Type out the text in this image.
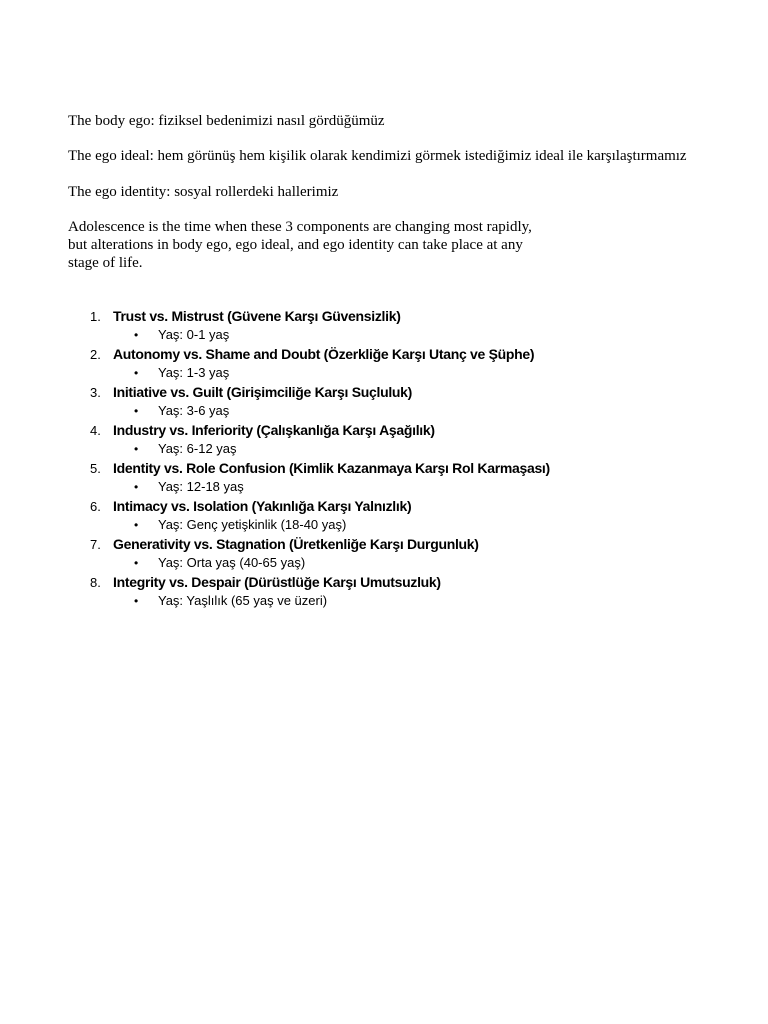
The body ego: fiziksel bedenimizi nasıl gördüğümüz

The ego ideal: hem görünüş hem kişilik olarak kendimizi görmek istediğimiz ideal ile karşılaştırmamız

The ego identity: sosyal rollerdeki hallerimiz

Adolescence is the time when these 3 components are changing most rapidly, but alterations in body ego, ego ideal, and ego identity can take place at any stage of life.

1. Trust vs. Mistrust (Güvene Karşı Güvensizlik)
• Yaş: 0-1 yaş
2. Autonomy vs. Shame and Doubt (Özerkliğe Karşı Utanç ve Şüphe)
• Yaş: 1-3 yaş
3. Initiative vs. Guilt (Girişimciliğe Karşı Suçluluk)
• Yaş: 3-6 yaş
4. Industry vs. Inferiority (Çalışkanlığa Karşı Aşağılık)
• Yaş: 6-12 yaş
5. Identity vs. Role Confusion (Kimlik Kazanmaya Karşı Rol Karmaşası)
• Yaş: 12-18 yaş
6. Intimacy vs. Isolation (Yakınlığa Karşı Yalnızlık)
• Yaş: Genç yetişkinlik (18-40 yaş)
7. Generativity vs. Stagnation (Üretkenliğe Karşı Durgunluk)
• Yaş: Orta yaş (40-65 yaş)
8. Integrity vs. Despair (Dürüstlüğe Karşı Umutsuzluk)
• Yaş: Yaşlılık (65 yaş ve üzeri)
